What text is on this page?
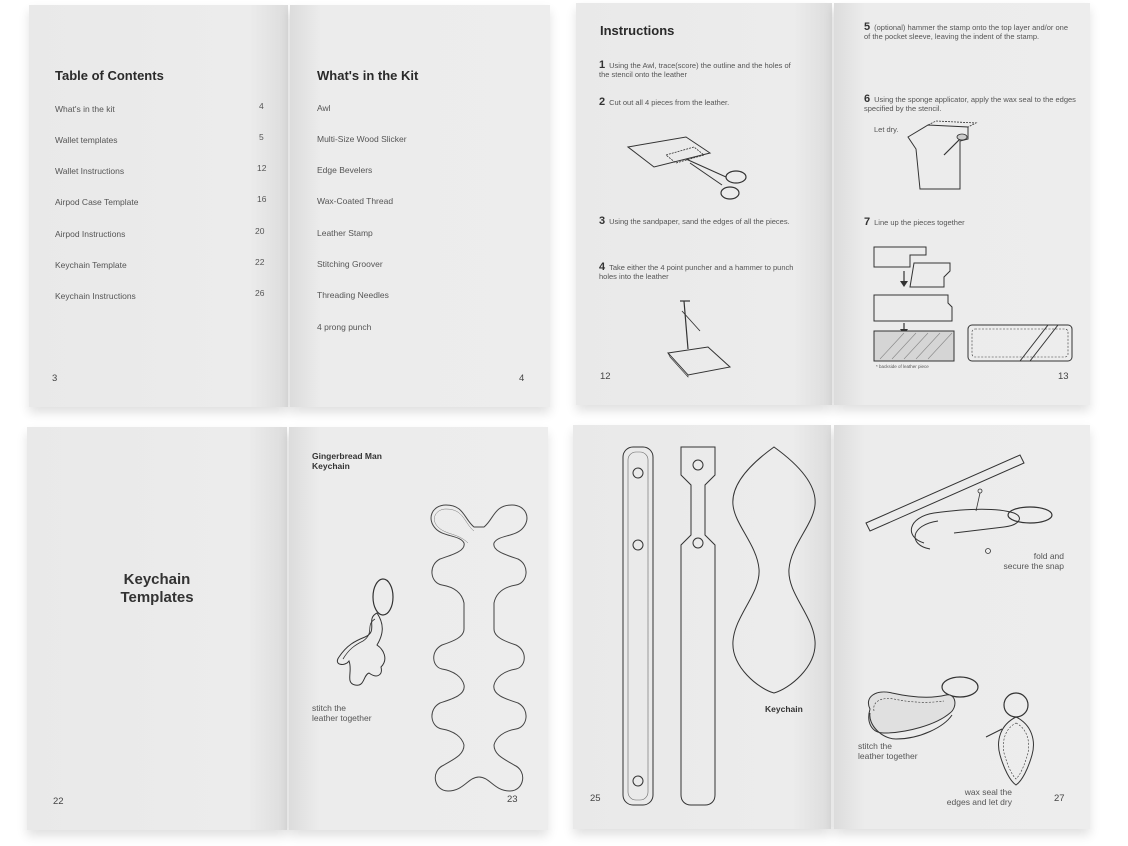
Table of Contents
What's in the kit	4
Wallet templates	5
Wallet Instructions	12
Airpod Case Template	16
Airpod Instructions	20
Keychain Template	22
Keychain Instructions	26
3
What's in the Kit
Awl
Multi-Size Wood Slicker
Edge Bevelers
Wax-Coated Thread
Leather Stamp
Stitching Groover
Threading Needles
4 prong punch
4
Instructions
1 Using the Awl, trace(score) the outline and the holes of the stencil onto the leather
2 Cut out all 4 pieces from the leather.
3 Using the sandpaper, sand the edges of all the pieces.
4 Take either the 4 point puncher and a hammer to punch holes into the leather
12
5 (optional) hammer the stamp onto the top layer and/or one of the pocket sleeve, leaving the indent of the stamp.
6 Using the sponge applicator, apply the wax seal to the edges specified by the stencil.
Let dry.
7 Line up the pieces together
* backside of leather piece
13
Keychain
Templates
22
Gingerbread Man
Keychain
stitch the
leather together
23
Keychain
25
fold and
secure the snap
stitch the
leather together
wax seal the
edges and let dry	27
